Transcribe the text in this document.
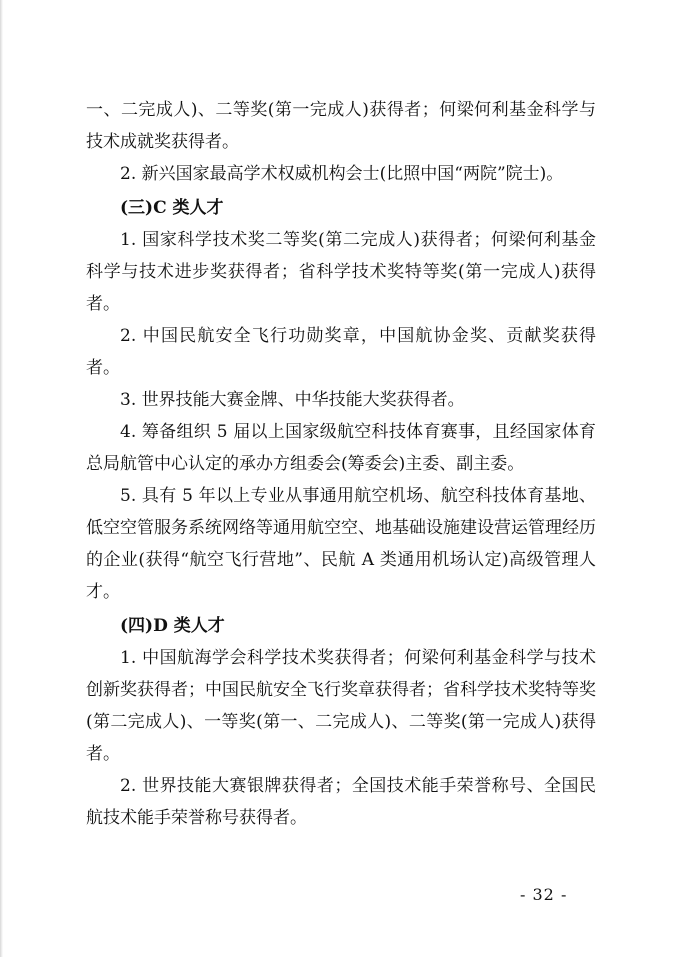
一、二完成人)、二等奖(第一完成人)获得者；何梁何利基金科学与技术成就奖获得者。

2. 新兴国家最高学术权威机构会士(比照中国“两院”院士)。

(三)C 类人才

1. 国家科学技术奖二等奖(第二完成人)获得者；何梁何利基金科学与技术进步奖获得者；省科学技术奖特等奖(第一完成人)获得者。

2. 中国民航安全飞行功勋奖章，中国航协金奖、贡献奖获得者。

3. 世界技能大赛金牌、中华技能大奖获得者。

4. 筹备组织 5 届以上国家级航空科技体育赛事，且经国家体育总局航管中心认定的承办方组委会(筹委会)主委、副主委。

5. 具有 5 年以上专业从事通用航空机场、航空科技体育基地、低空空管服务系统网络等通用航空空、地基础设施建设营运管理经历的企业(获得“航空飞行营地”、民航 A 类通用机场认定)高级管理人才。

(四)D 类人才

1. 中国航海学会科学技术奖获得者；何梁何利基金科学与技术创新奖获得者；中国民航安全飞行奖章获得者；省科学技术奖特等奖(第二完成人)、一等奖(第一、二完成人)、二等奖(第一完成人)获得者。

2. 世界技能大赛银牌获得者；全国技术能手荣誉称号、全国民航技术能手荣誉称号获得者。

- 32 -
